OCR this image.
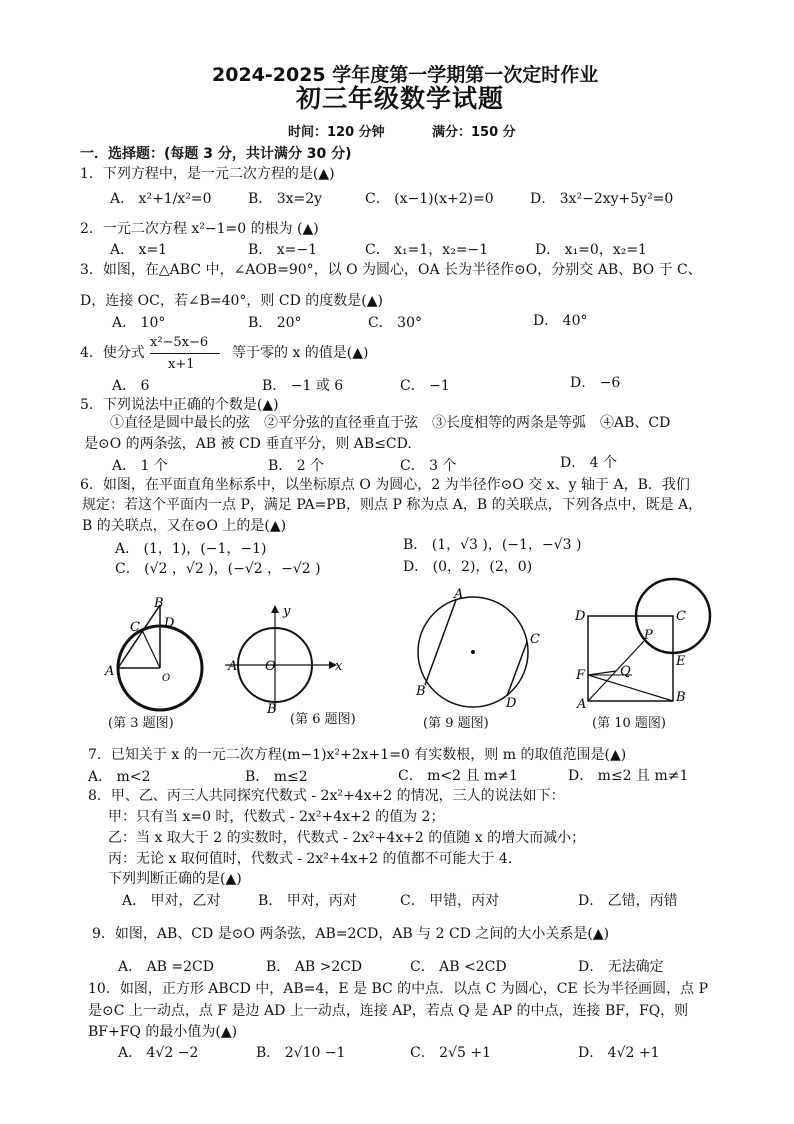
2024-2025 学年度第一学期第一次定时作业
初三年级数学试题
时间：120 分钟	满分：150 分
一．选择题：(每题 3 分，共计满分 30 分)
1．下列方程中，是一元二次方程的是(▲)
A． x²+1/x²=0	B． 3x=2y	C． (x−1)(x+2)=0	D． 3x²−2xy+5y²=0
2．一元二次方程 x²−1=0 的根为 (▲)
A． x=1	B． x=−1	C． x₁=1，x₂=−1	D． x₁=0，x₂=1
3．如图，在△ABC 中，∠AOB=90°，以 O 为圆心，OA 长为半径作⊙O，分别交 AB、BO 于 C、
D，连接 OC，若∠B=40°，则 CD 的度数是(▲)
A． 10°	B． 20°	C． 30°	D． 40°
4．使分式
x²−5x−6
x+1
等于零的 x 的值是(▲)
A． 6	B． −1 或 6	C． −1	D． −6
5．下列说法中正确的个数是(▲)
①直径是圆中最长的弦　②平分弦的直径垂直于弦　③长度相等的两条是等弧　④AB、CD
是⊙O 的两条弦，AB 被 CD 垂直平分，则 AB≤CD.
A． 1 个	B． 2 个	C． 3 个	D． 4 个
6．如图，在平面直角坐标系中，以坐标原点 O 为圆心，2 为半径作⊙O 交 x、y 轴于 A，B．我们
规定：若这个平面内一点 P，满足 PA=PB，则点 P 称为点 A，B 的关联点，下列各点中，既是 A，
B 的关联点，又在⊙O 上的是(▲)
A． (1，1)，(−1，−1)	B． (1，√3 )，(−1，−√3 )
C． (√2 ，√2 )，(−√2 ，−√2 )	D． (0，2)，(2，0)
B
C D
A	O
(第 3 题图)
y
A O	x
B
(第 6 题图)
A
C
B
D
(第 9 题图)
D	C
P
E
F	Q
A	B
(第 10 题图)
7．已知关于 x 的一元二次方程(m−1)x²+2x+1=0 有实数根，则 m 的取值范围是(▲)
A． m<2	B． m≤2	C． m<2 且 m≠1	D． m≤2 且 m≠1
8．甲、乙、丙三人共同探究代数式 - 2x²+4x+2 的情况，三人的说法如下：
甲：只有当 x=0 时，代数式 - 2x²+4x+2 的值为 2；
乙：当 x 取大于 2 的实数时，代数式 - 2x²+4x+2 的值随 x 的增大而减小；
丙：无论 x 取何值时，代数式 - 2x²+4x+2 的值都不可能大于 4．
下列判断正确的是(▲)
A． 甲对，乙对	B． 甲对，丙对	C． 甲错，丙对	D． 乙错，丙错
9．如图，AB、CD 是⊙O 两条弦，AB=2CD，AB 与 2 CD 之间的大小关系是(▲)
A． AB =2CD	B． AB >2CD	C． AB <2CD	D． 无法确定
10．如图，正方形 ABCD 中，AB=4，E 是 BC 的中点．以点 C 为圆心，CE 长为半径画圆，点 P
是⊙C 上一动点，点 F 是边 AD 上一动点，连接 AP，若点 Q 是 AP 的中点，连接 BF，FQ，则
BF+FQ 的最小值为(▲)
A． 4√2 −2	B． 2√10 −1	C． 2√5 +1	D． 4√2 +1
